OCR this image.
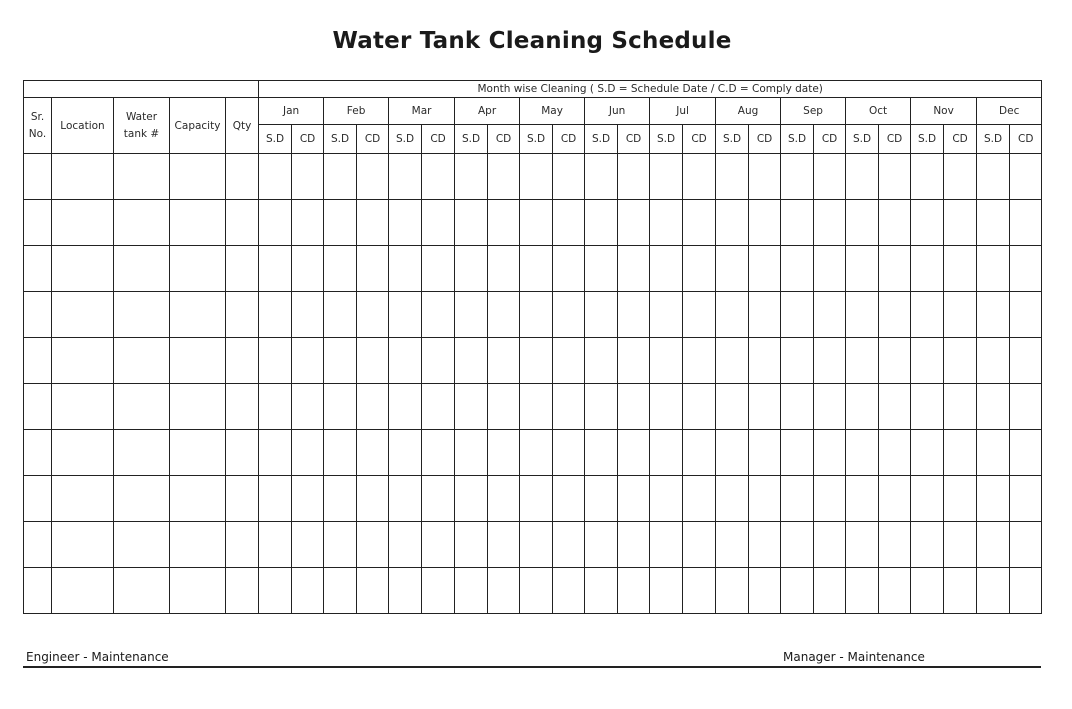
Water Tank Cleaning Schedule
					Month wise Cleaning ( S.D = Schedule Date / C.D = Comply date)																							
Sr. No.	Location	Water tank #	Capacity	Qty	Jan		Feb		Mar		Apr		May		Jun		Jul		Aug		Sep		Oct		Nov		Dec	
					S.D	CD	S.D	CD	S.D	CD	S.D	CD	S.D	CD	S.D	CD	S.D	CD	S.D	CD	S.D	CD	S.D	CD	S.D	CD	S.D	CD

Engineer - Maintenance	Manager - Maintenance
